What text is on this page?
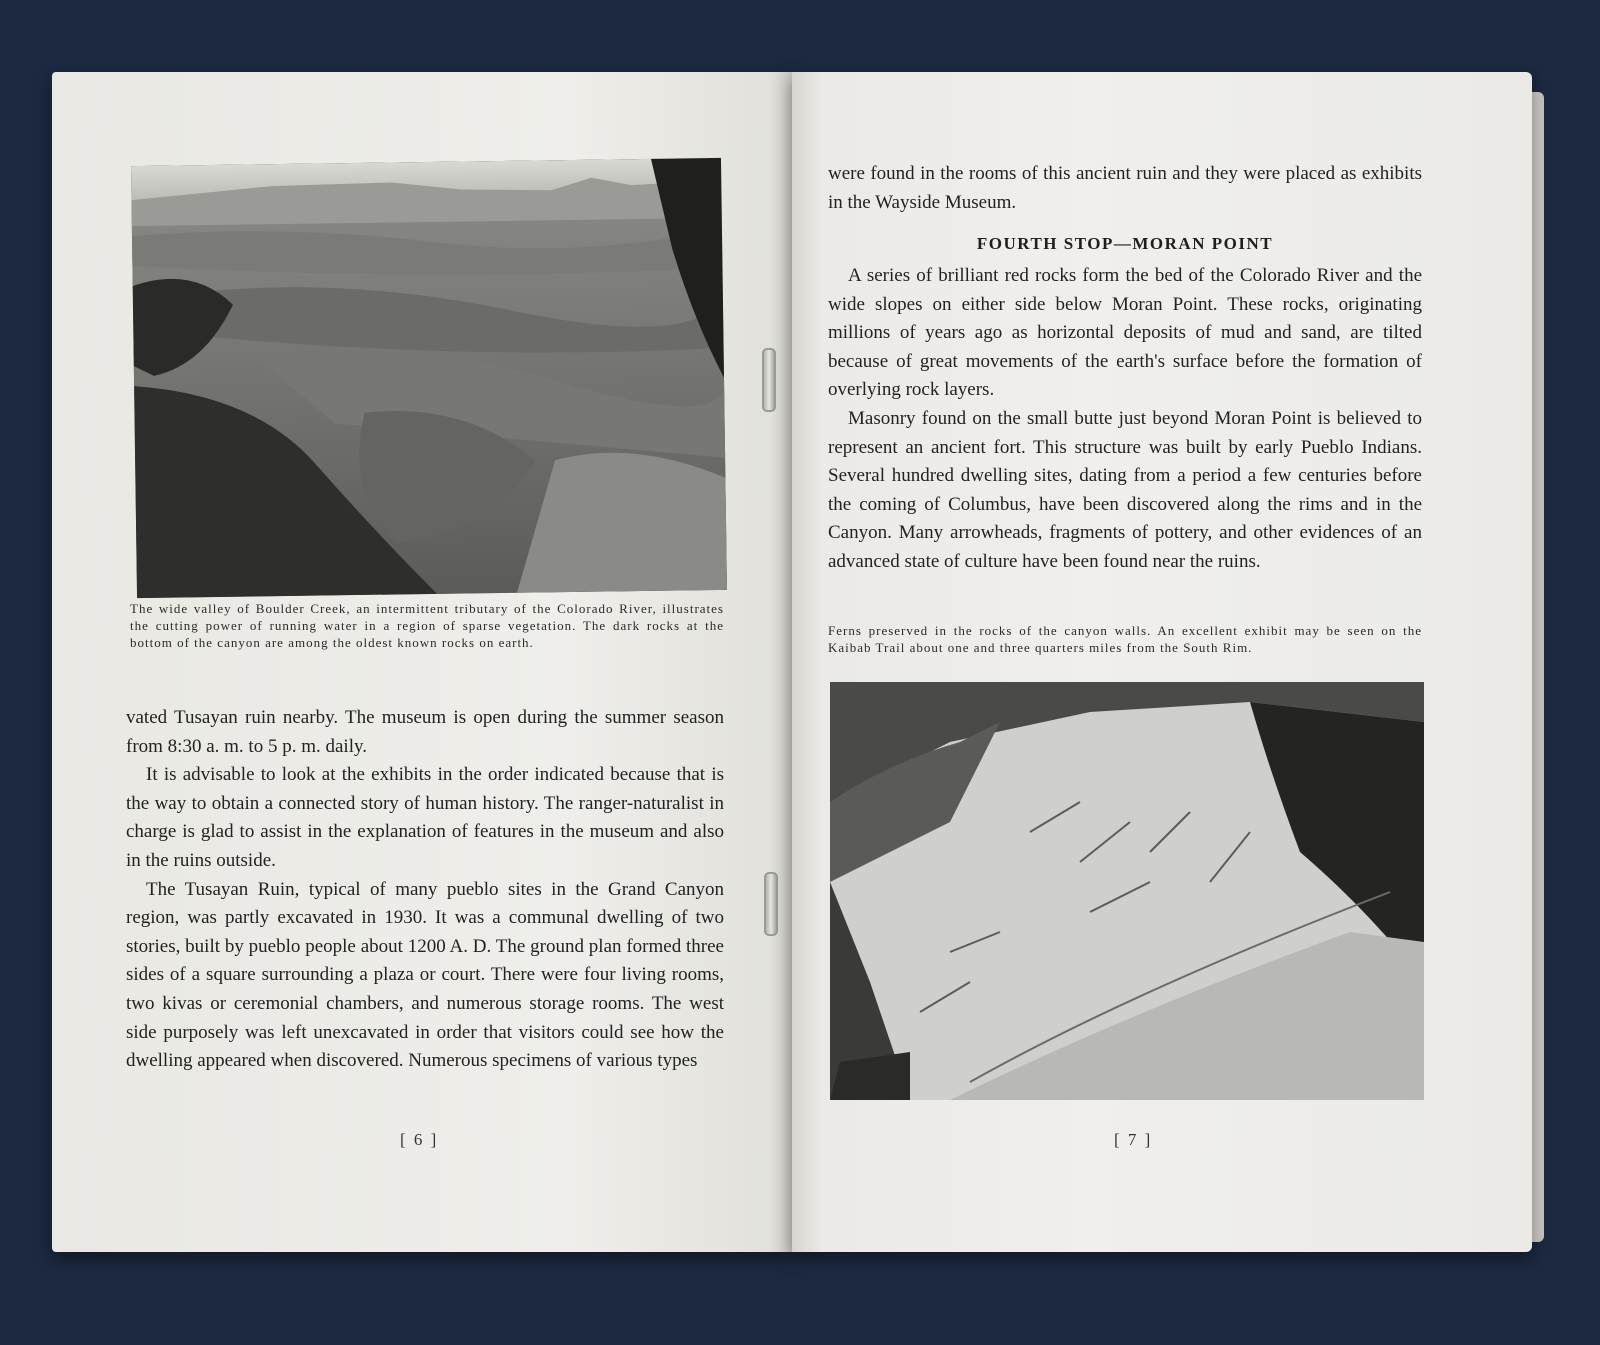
The wide valley of Boulder Creek, an intermittent tributary of the Colorado River, illustrates the cutting power of running water in a region of sparse vegetation. The dark rocks at the bottom of the canyon are among the oldest known rocks on earth.

vated Tusayan ruin nearby. The museum is open during the summer season from 8:30 a. m. to 5 p. m. daily.

It is advisable to look at the exhibits in the order indicated because that is the way to obtain a connected story of human history. The ranger-naturalist in charge is glad to assist in the explanation of features in the museum and also in the ruins outside.

The Tusayan Ruin, typical of many pueblo sites in the Grand Canyon region, was partly excavated in 1930. It was a communal dwelling of two stories, built by pueblo people about 1200 A. D. The ground plan formed three sides of a square surrounding a plaza or court. There were four living rooms, two kivas or ceremonial chambers, and numerous storage rooms. The west side purposely was left unexcavated in order that visitors could see how the dwelling appeared when discovered. Numerous specimens of various types

[ 6 ]

were found in the rooms of this ancient ruin and they were placed as exhibits in the Wayside Museum.

FOURTH STOP—MORAN POINT

A series of brilliant red rocks form the bed of the Colorado River and the wide slopes on either side below Moran Point. These rocks, originating millions of years ago as horizontal deposits of mud and sand, are tilted because of great movements of the earth's surface before the formation of overlying rock layers.

Masonry found on the small butte just beyond Moran Point is believed to represent an ancient fort. This structure was built by early Pueblo Indians. Several hundred dwelling sites, dating from a period a few centuries before the coming of Columbus, have been discovered along the rims and in the Canyon. Many arrowheads, fragments of pottery, and other evidences of an advanced state of culture have been found near the ruins.

Ferns preserved in the rocks of the canyon walls. An excellent exhibit may be seen on the Kaibab Trail about one and three quarters miles from the South Rim.

[ 7 ]
